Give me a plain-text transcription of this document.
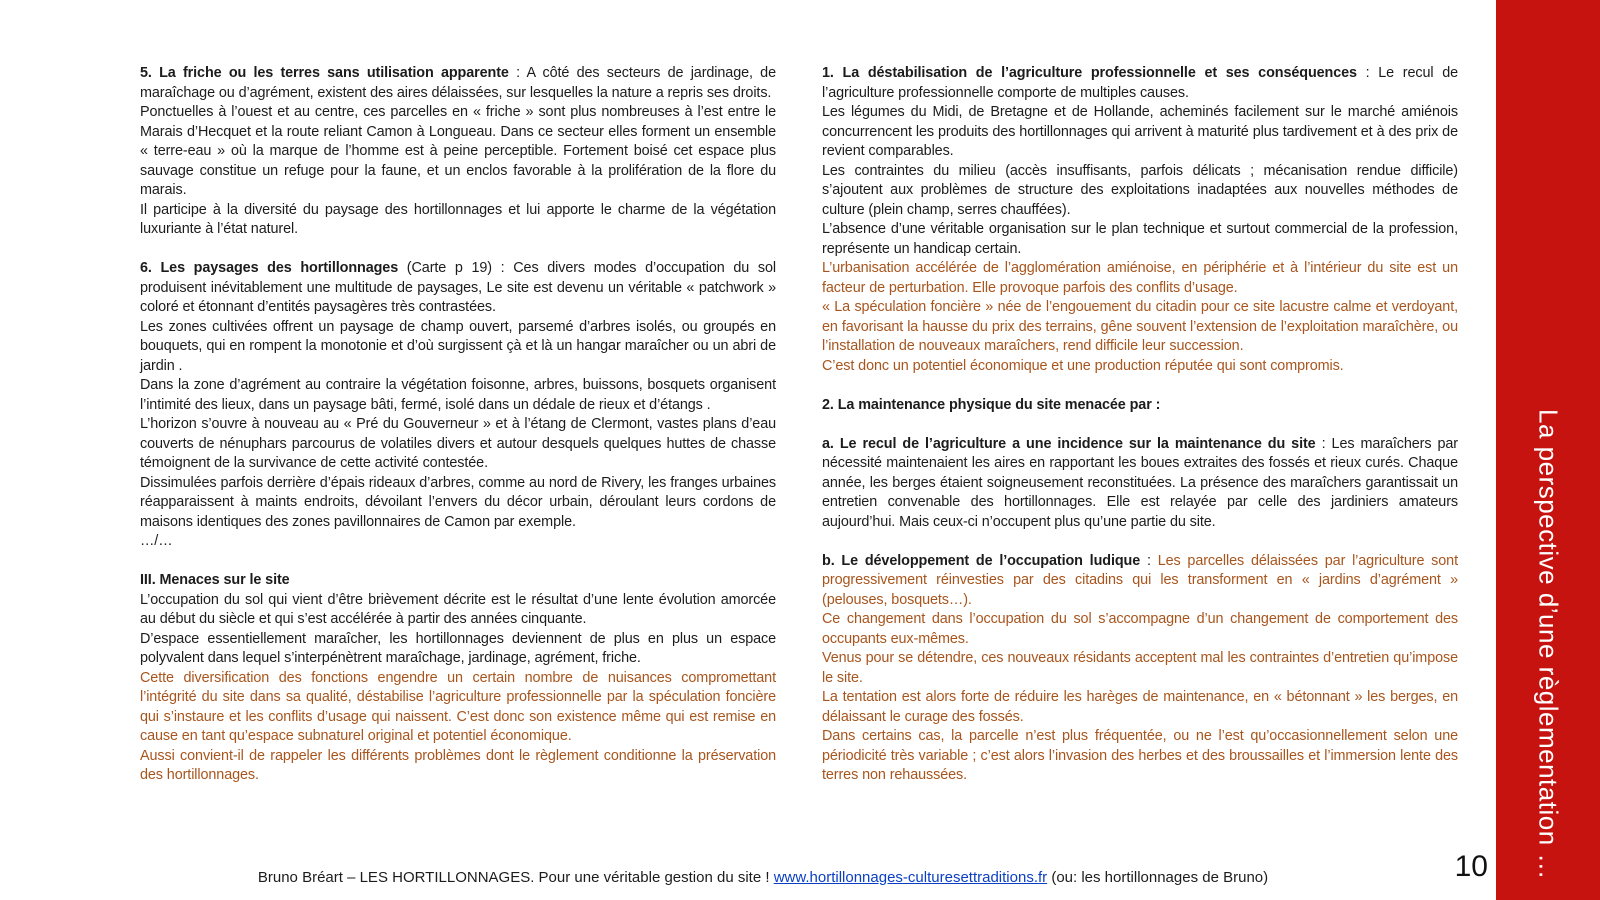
5. La friche ou les terres sans utilisation apparente : A côté des secteurs de jardinage, de maraîchage ou d’agrément, existent des aires délaissées, sur lesquelles la nature a repris ses droits.

Ponctuelles à l’ouest et au centre, ces parcelles en « friche » sont plus nombreuses à l’est entre le Marais d’Hecquet et la route reliant Camon à Longueau. Dans ce secteur elles forment un ensemble « terre-eau » où la marque de l’homme est à peine perceptible. Fortement boisé cet espace plus sauvage constitue un refuge pour la faune, et un enclos favorable à la prolifération de la flore du marais.

Il participe à la diversité du paysage des hortillonnages et lui apporte le charme de la végétation luxuriante à l’état naturel.

6. Les paysages des hortillonnages (Carte p 19) : Ces divers modes d’occupation du sol produisent inévitablement une multitude de paysages, Le site est devenu un véritable « patchwork » coloré et étonnant d’entités paysagères très contrastées.

Les zones cultivées offrent un paysage de champ ouvert, parsemé d’arbres isolés, ou groupés en bouquets, qui en rompent la monotonie et d’où surgissent çà et là un hangar maraîcher ou un abri de jardin .

Dans la zone d’agrément au contraire la végétation foisonne, arbres, buissons, bosquets organisent l’intimité des lieux, dans un paysage bâti, fermé, isolé dans un dédale de rieux et d’étangs .

L’horizon s’ouvre à nouveau au « Pré du Gouverneur » et à l’étang de Clermont, vastes plans d’eau couverts de nénuphars parcourus de volatiles divers et autour desquels quelques huttes de chasse témoignent de la survivance de cette activité contestée.

Dissimulées parfois derrière d’épais rideaux d’arbres, comme au nord de Rivery, les franges urbaines réapparaissent à maints endroits, dévoilant l’envers du décor urbain, déroulant leurs cordons de maisons identiques des zones pavillonnaires de Camon par exemple.

…/…

III. Menaces sur le site

L’occupation du sol qui vient d’être brièvement décrite est le résultat d’une lente évolution amorcée au début du siècle et qui s’est accélérée à partir des années cinquante.

D’espace essentiellement maraîcher, les hortillonnages deviennent de plus en plus un espace polyvalent dans lequel s’interpénètrent maraîchage, jardinage, agrément, friche.

Cette diversification des fonctions engendre un certain nombre de nuisances compromettant l’intégrité du site dans sa qualité, déstabilise l’agriculture professionnelle par la spéculation foncière qui s’instaure et les conflits d’usage qui naissent. C’est donc son existence même qui est remise en cause en tant qu’espace subnaturel original et potentiel économique.

Aussi convient-il de rappeler les différents problèmes dont le règlement conditionne la préservation des hortillonnages.

1. La déstabilisation de l’agriculture professionnelle et ses conséquences : Le recul de l’agriculture professionnelle comporte de multiples causes.

Les légumes du Midi, de Bretagne et de Hollande, acheminés facilement sur le marché amiénois concurrencent les produits des hortillonnages qui arrivent à maturité plus tardivement et à des prix de revient comparables.

Les contraintes du milieu (accès insuffisants, parfois délicats ; mécanisation rendue difficile) s’ajoutent aux problèmes de structure des exploitations inadaptées aux nouvelles méthodes de culture (plein champ, serres chauffées).

L’absence d’une véritable organisation sur le plan technique et surtout commercial de la profession, représente un handicap certain.

L’urbanisation accélérée de l’agglomération amiénoise, en périphérie et à l’intérieur du site est un facteur de perturbation. Elle provoque parfois des conflits d’usage.

« La spéculation foncière » née de l’engouement du citadin pour ce site lacustre calme et verdoyant, en favorisant la hausse du prix des terrains, gêne souvent l’extension de l’exploitation maraîchère, ou l’installation de nouveaux maraîchers, rend difficile leur succession.

C’est donc un potentiel économique et une production réputée qui sont compromis.

2. La maintenance physique du site menacée par :

a. Le recul de l’agriculture a une incidence sur la maintenance du site : Les maraîchers par nécessité maintenaient les aires en rapportant les boues extraites des fossés et rieux curés. Chaque année, les berges étaient soigneusement reconstituées. La présence des maraîchers garantissait un entretien convenable des hortillonnages. Elle est relayée par celle des jardiniers amateurs aujourd’hui. Mais ceux-ci n’occupent plus qu’une partie du site.

b. Le développement de l’occupation ludique : Les parcelles délaissées par l’agriculture sont progressivement réinvesties par des citadins qui les transforment en « jardins d’agrément » (pelouses, bosquets…).

Ce changement dans l’occupation du sol s’accompagne d’un changement de comportement des occupants eux-mêmes.

Venus pour se détendre, ces nouveaux résidants acceptent mal les contraintes d’entretien qu’impose le site.

La tentation est alors forte de réduire les harèges de maintenance, en « bétonnant » les berges, en délaissant le curage des fossés.

Dans certains cas, la parcelle n’est plus fréquentée, ou ne l’est qu’occasionnellement selon une périodicité très variable ; c’est alors l’invasion des herbes et des broussailles et l’immersion lente des terres non rehaussées.

Bruno Bréart – LES HORTILLONNAGES. Pour une véritable gestion du site ! www.hortillonnages-culturesettraditions.fr (ou: les hortillonnages de Bruno)	10 La perspective d’une règlementation …
